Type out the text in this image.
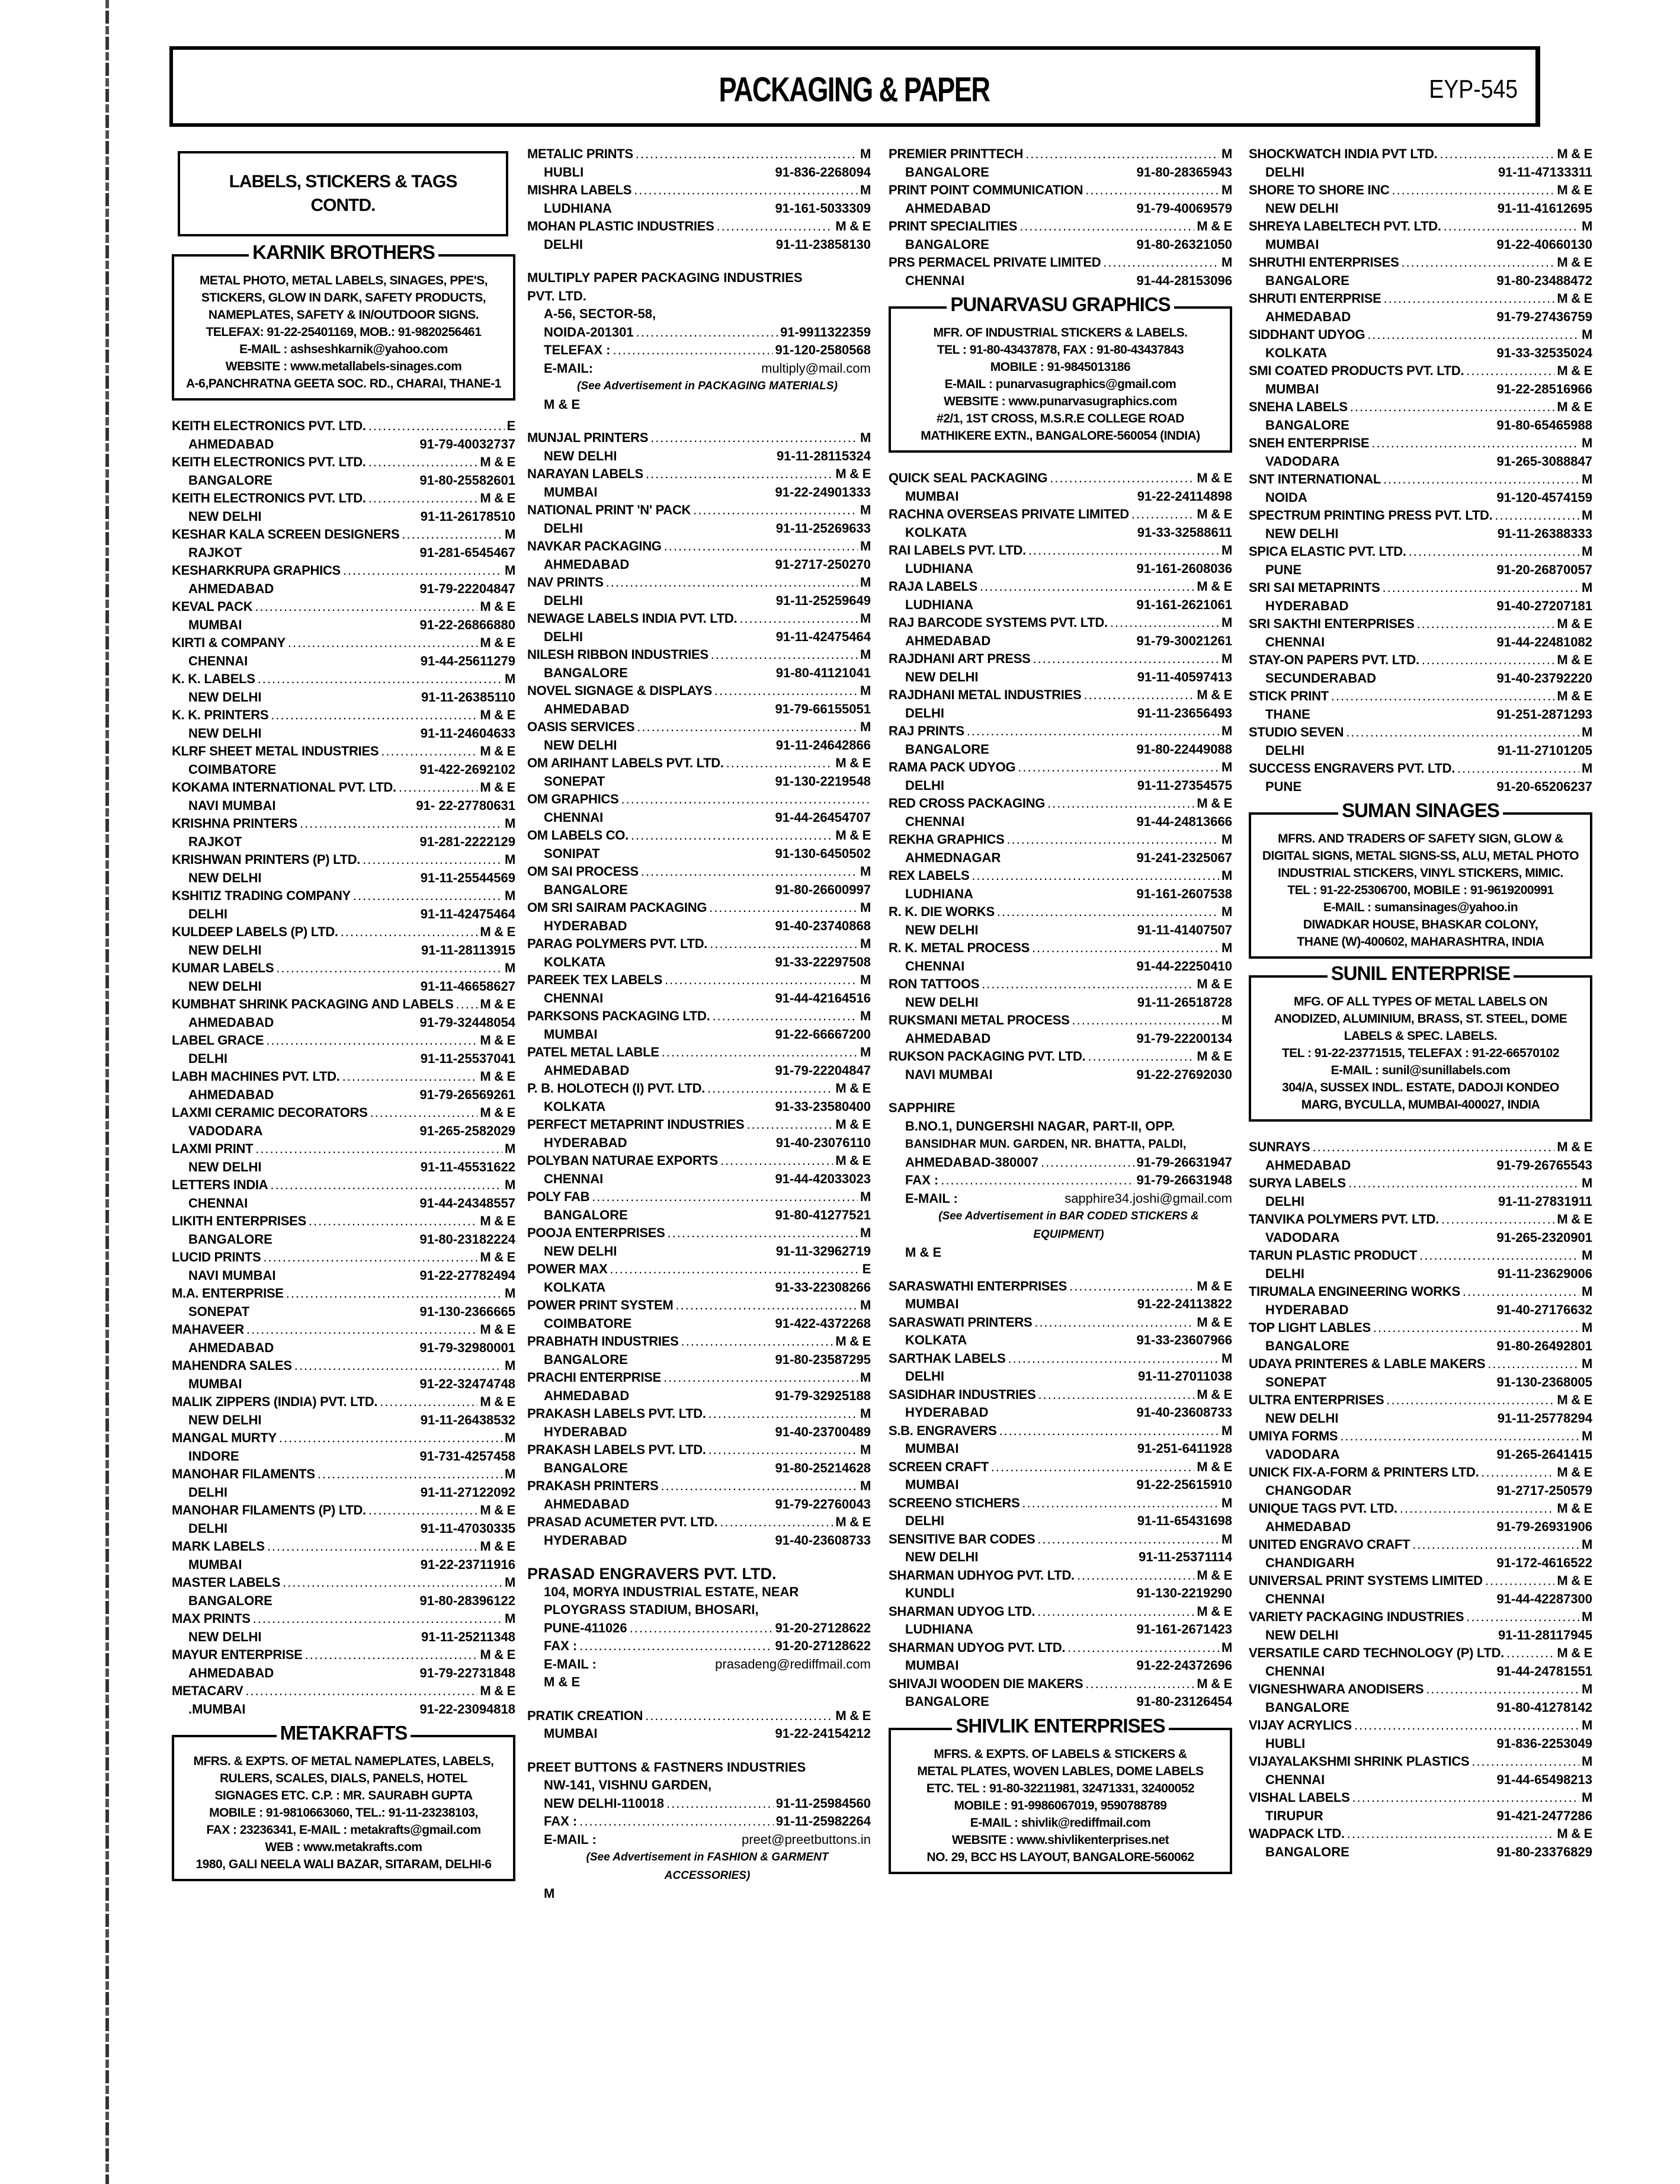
PACKAGING & PAPER	EYP-545
LABELS, STICKERS & TAGS
CONTD.
KARNIK BROTHERS
METAL PHOTO, METAL LABELS, SINAGES, PPE'S,
STICKERS, GLOW IN DARK, SAFETY PRODUCTS,
NAMEPLATES, SAFETY & IN/OUTDOOR SIGNS.
TELEFAX: 91-22-25401169, MOB.: 91-9820256461
E-MAIL : ashseshkarnik@yahoo.com
WEBSITE : www.metallabels-sinages.com
A-6,PANCHRATNA GEETA SOC. RD., CHARAI, THANE-1
KEITH ELECTRONICS PVT. LTD. .....	E
AHMEDABAD	91-79-40032737
KEITH ELECTRONICS PVT. LTD. .....	M & E
BANGALORE	91-80-25582601
KEITH ELECTRONICS PVT. LTD. .....	M & E
NEW DELHI	91-11-26178510
KESHAR KALA SCREEN DESIGNERS .....	M
RAJKOT	91-281-6545467
KESHARKRUPA GRAPHICS .....	M
AHMEDABAD	91-79-22204847
KEVAL PACK .....	M & E
MUMBAI	91-22-26866880
KIRTI & COMPANY .....	M & E
CHENNAI	91-44-25611279
K. K. LABELS .....	M
NEW DELHI	91-11-26385110
K. K. PRINTERS .....	M & E
NEW DELHI	91-11-24604633
KLRF SHEET METAL INDUSTRIES .....	M & E
COIMBATORE	91-422-2692102
KOKAMA INTERNATIONAL PVT. LTD. .....	M & E
NAVI MUMBAI	91- 22-27780631
KRISHNA PRINTERS .....	M
RAJKOT	91-281-2222129
KRISHWAN PRINTERS (P) LTD. .....	M
NEW DELHI	91-11-25544569
KSHITIZ TRADING COMPANY .....	M
DELHI	91-11-42475464
KULDEEP LABELS (P) LTD. .....	M & E
NEW DELHI	91-11-28113915
KUMAR LABELS .....	M
NEW DELHI	91-11-46658627
KUMBHAT SHRINK PACKAGING AND LABELS ..... M & E
AHMEDABAD	91-79-32448054
LABEL GRACE .....	M & E
DELHI	91-11-25537041
LABH MACHINES PVT. LTD. .....	M & E
AHMEDABAD	91-79-26569261
LAXMI CERAMIC DECORATORS .....	M & E
VADODARA	91-265-2582029
LAXMI PRINT .....	M
NEW DELHI	91-11-45531622
LETTERS INDIA .....	M
CHENNAI	91-44-24348557
LIKITH ENTERPRISES .....	M & E
BANGALORE	91-80-23182224
LUCID PRINTS .....	M & E
NAVI MUMBAI	91-22-27782494
M.A. ENTERPRISE .....	M
SONEPAT	91-130-2366665
MAHAVEER .....	M & E
AHMEDABAD	91-79-32980001
MAHENDRA SALES .....	M
MUMBAI	91-22-32474748
MALIK ZIPPERS (INDIA) PVT. LTD. .....	M & E
NEW DELHI	91-11-26438532
MANGAL MURTY .....	M
INDORE	91-731-4257458
MANOHAR FILAMENTS .....	M
DELHI	91-11-27122092
MANOHAR FILAMENTS (P) LTD. .....	M & E
DELHI	91-11-47030335
MARK LABELS .....	M & E
MUMBAI	91-22-23711916
MASTER LABELS .....	M
BANGALORE	91-80-28396122
MAX PRINTS .....	M
NEW DELHI	91-11-25211348
MAYUR ENTERPRISE .....	M & E
AHMEDABAD	91-79-22731848
METACARV .....	M & E
.MUMBAI	91-22-23094818
METAKRAFTS
MFRS. & EXPTS. OF METAL NAMEPLATES, LABELS,
RULERS, SCALES, DIALS, PANELS, HOTEL
SIGNAGES ETC. C.P. : MR. SAURABH GUPTA
MOBILE : 91-9810663060, TEL.: 91-11-23238103,
FAX : 23236341, E-MAIL : metakrafts@gmail.com
WEB : www.metakrafts.com
1980, GALI NEELA WALI BAZAR, SITARAM, DELHI-6
METALIC PRINTS .....	M
HUBLI	91-836-2268094
MISHRA LABELS .....	M
LUDHIANA	91-161-5033309
MOHAN PLASTIC INDUSTRIES .....	M & E
DELHI	91-11-23858130
MULTIPLY PAPER PACKAGING INDUSTRIES
PVT. LTD.
A-56, SECTOR-58,
NOIDA-201301 .....	91-9911322359
TELEFAX : .....	91-120-2580568
E-MAIL:	multiply@mail.com
(See Advertisement in PACKAGING MATERIALS)
M & E
MUNJAL PRINTERS .....	M
NEW DELHI	91-11-28115324
NARAYAN LABELS .....	M & E
MUMBAI	91-22-24901333
NATIONAL PRINT 'N' PACK .....	M
DELHI	91-11-25269633
NAVKAR PACKAGING .....	M
AHMEDABAD	91-2717-250270
NAV PRINTS .....	M
DELHI	91-11-25259649
NEWAGE LABELS INDIA PVT. LTD. .....	M
DELHI	91-11-42475464
NILESH RIBBON INDUSTRIES .....	M
BANGALORE	91-80-41121041
NOVEL SIGNAGE & DISPLAYS .....	M
AHMEDABAD	91-79-66155051
OASIS SERVICES .....	M
NEW DELHI	91-11-24642866
OM ARIHANT LABELS PVT. LTD. .....	M & E
SONEPAT	91-130-2219548
OM GRAPHICS
.....
CHENNAI	91-44-26454707
OM LABELS CO. .....	M & E
SONIPAT	91-130-6450502
OM SAI PROCESS .....	M
BANGALORE	91-80-26600997
OM SRI SAIRAM PACKAGING .....	M
HYDERABAD	91-40-23740868
PARAG POLYMERS PVT. LTD. .....	M
KOLKATA	91-33-22297508
PAREEK TEX LABELS .....	M
CHENNAI	91-44-42164516
PARKSONS PACKAGING LTD. .....	M
MUMBAI	91-22-66667200
PATEL METAL LABLE .....	M
AHMEDABAD	91-79-22204847
P. B. HOLOTECH (I) PVT. LTD. .....	M & E
KOLKATA	91-33-23580400
PERFECT METAPRINT INDUSTRIES .....	M & E
HYDERABAD	91-40-23076110
POLYBAN NATURAE EXPORTS .....	M & E
CHENNAI	91-44-42033023
POLY FAB .....	M
BANGALORE	91-80-41277521
POOJA ENTERPRISES .....	M
NEW DELHI	91-11-32962719
POWER MAX .....	E
KOLKATA	91-33-22308266
POWER PRINT SYSTEM .....	M
COIMBATORE	91-422-4372268
PRABHATH INDUSTRIES .....	M & E
BANGALORE	91-80-23587295
PRACHI ENTERPRISE .....	M
AHMEDABAD	91-79-32925188
PRAKASH LABELS PVT. LTD. .....	M
HYDERABAD	91-40-23700489
PRAKASH LABELS PVT. LTD. .....	M
BANGALORE	91-80-25214628
PRAKASH PRINTERS .....	M
AHMEDABAD	91-79-22760043
PRASAD ACUMETER PVT. LTD. .....	M & E
HYDERABAD	91-40-23608733
PRASAD ENGRAVERS PVT. LTD.
104, MORYA INDUSTRIAL ESTATE, NEAR
PLOYGRASS STADIUM, BHOSARI,
PUNE-411026 .....	91-20-27128622
FAX : .....	91-20-27128622
E-MAIL :	prasadeng@rediffmail.com
M & E
PRATIK CREATION .....	M & E
MUMBAI	91-22-24154212
PREET BUTTONS & FASTNERS INDUSTRIES
NW-141, VISHNU GARDEN,
NEW DELHI-110018 .....	91-11-25984560
FAX : .....	91-11-25982264
E-MAIL :	preet@preetbuttons.in
(See Advertisement in FASHION & GARMENT
ACCESSORIES)
M
PREMIER PRINTTECH .....	M
BANGALORE	91-80-28365943
PRINT POINT COMMUNICATION .....	M
AHMEDABAD	91-79-40069579
PRINT SPECIALITIES .....	M & E
BANGALORE	91-80-26321050
PRS PERMACEL PRIVATE LIMITED .....	M
CHENNAI	91-44-28153096
PUNARVASU GRAPHICS
MFR. OF INDUSTRIAL STICKERS & LABELS.
TEL : 91-80-43437878, FAX : 91-80-43437843
MOBILE : 91-9845013186
E-MAIL : punarvasugraphics@gmail.com
WEBSITE : www.punarvasugraphics.com
#2/1, 1ST CROSS, M.S.R.E COLLEGE ROAD
MATHIKERE EXTN., BANGALORE-560054 (INDIA)
QUICK SEAL PACKAGING .....	M & E
MUMBAI	91-22-24114898
RACHNA OVERSEAS PRIVATE LIMITED .....	M & E
KOLKATA	91-33-32588611
RAI LABELS PVT. LTD. .....	M
LUDHIANA	91-161-2608036
RAJA LABELS .....	M & E
LUDHIANA	91-161-2621061
RAJ BARCODE SYSTEMS PVT. LTD. .....	M
AHMEDABAD	91-79-30021261
RAJDHANI ART PRESS .....	M
NEW DELHI	91-11-40597413
RAJDHANI METAL INDUSTRIES .....	M & E
DELHI	91-11-23656493
RAJ PRINTS .....	M
BANGALORE	91-80-22449088
RAMA PACK UDYOG .....	M
DELHI	91-11-27354575
RED CROSS PACKAGING .....	M & E
CHENNAI	91-44-24813666
REKHA GRAPHICS .....	M
AHMEDNAGAR	91-241-2325067
REX LABELS .....	M
LUDHIANA	91-161-2607538
R. K. DIE WORKS .....	M
NEW DELHI	91-11-41407507
R. K. METAL PROCESS .....	M
CHENNAI	91-44-22250410
RON TATTOOS .....	M & E
NEW DELHI	91-11-26518728
RUKSMANI METAL PROCESS .....	M
AHMEDABAD	91-79-22200134
RUKSON PACKAGING PVT. LTD. .....	M & E
NAVI MUMBAI	91-22-27692030
SAPPHIRE
B.NO.1, DUNGERSHI NAGAR, PART-II, OPP.
BANSIDHAR MUN. GARDEN, NR. BHATTA, PALDI,
AHMEDABAD-380007 .....	91-79-26631947
FAX : .....	91-79-26631948
E-MAIL :	sapphire34.joshi@gmail.com
(See Advertisement in BAR CODED STICKERS &
EQUIPMENT)
M & E
SARASWATHI ENTERPRISES .....	M & E
MUMBAI	91-22-24113822
SARASWATI PRINTERS .....	M & E
KOLKATA	91-33-23607966
SARTHAK LABELS .....	M
DELHI	91-11-27011038
SASIDHAR INDUSTRIES .....	M & E
HYDERABAD	91-40-23608733
S.B. ENGRAVERS .....	M
MUMBAI	91-251-6411928
SCREEN CRAFT .....	M & E
MUMBAI	91-22-25615910
SCREENO STICHERS .....	M
DELHI	91-11-65431698
SENSITIVE BAR CODES .....	M
NEW DELHI	91-11-25371114
SHARMAN UDHYOG PVT. LTD. .....	M & E
KUNDLI	91-130-2219290
SHARMAN UDYOG LTD. .....	M & E
LUDHIANA	91-161-2671423
SHARMAN UDYOG PVT. LTD. .....	M
MUMBAI	91-22-24372696
SHIVAJI WOODEN DIE MAKERS .....	M & E
BANGALORE	91-80-23126454
SHIVLIK ENTERPRISES
MFRS. & EXPTS. OF LABELS & STICKERS &
METAL PLATES, WOVEN LABLES, DOME LABELS
ETC. TEL : 91-80-32211981, 32471331, 32400052
MOBILE : 91-9986067019, 9590788789
E-MAIL : shivlik@rediffmail.com
WEBSITE : www.shivlikenterprises.net
NO. 29, BCC HS LAYOUT, BANGALORE-560062
SHOCKWATCH INDIA PVT LTD. .....	M & E
DELHI	91-11-47133311
SHORE TO SHORE INC .....	M & E
NEW DELHI	91-11-41612695
SHREYA LABELTECH PVT. LTD. .....	M
MUMBAI	91-22-40660130
SHRUTHI ENTERPRISES .....	M & E
BANGALORE	91-80-23488472
SHRUTI ENTERPRISE .....	M & E
AHMEDABAD	91-79-27436759
SIDDHANT UDYOG .....	M
KOLKATA	91-33-32535024
SMI COATED PRODUCTS PVT. LTD. .....	M & E
MUMBAI	91-22-28516966
SNEHA LABELS .....	M & E
BANGALORE	91-80-65465988
SNEH ENTERPRISE .....	M
VADODARA	91-265-3088847
SNT INTERNATIONAL .....	M
NOIDA	91-120-4574159
SPECTRUM PRINTING PRESS PVT. LTD. .....	M
NEW DELHI	91-11-26388333
SPICA ELASTIC PVT. LTD. .....	M
PUNE	91-20-26870057
SRI SAI METAPRINTS .....	M
HYDERABAD	91-40-27207181
SRI SAKTHI ENTERPRISES .....	M & E
CHENNAI	91-44-22481082
STAY-ON PAPERS PVT. LTD. .....	M & E
SECUNDERABAD	91-40-23792220
STICK PRINT .....	M & E
THANE	91-251-2871293
STUDIO SEVEN .....	M
DELHI	91-11-27101205
SUCCESS ENGRAVERS PVT. LTD. .....	M
PUNE	91-20-65206237
SUMAN SINAGES
MFRS. AND TRADERS OF SAFETY SIGN, GLOW &
DIGITAL SIGNS, METAL SIGNS-SS, ALU, METAL PHOTO
INDUSTRIAL STICKERS, VINYL STICKERS, MIMIC.
TEL : 91-22-25306700, MOBILE : 91-9619200991
E-MAIL : sumansinages@yahoo.in
DIWADKAR HOUSE, BHASKAR COLONY,
THANE (W)-400602, MAHARASHTRA, INDIA
SUNIL ENTERPRISE
MFG. OF ALL TYPES OF METAL LABELS ON
ANODIZED, ALUMINIUM, BRASS, ST. STEEL, DOME
LABELS & SPEC. LABELS.
TEL : 91-22-23771515, TELEFAX : 91-22-66570102
E-MAIL : sunil@sunillabels.com
304/A, SUSSEX INDL. ESTATE, DADOJI KONDEO
MARG, BYCULLA, MUMBAI-400027, INDIA
SUNRAYS .....	M & E
AHMEDABAD	91-79-26765543
SURYA LABELS .....	M
DELHI	91-11-27831911
TANVIKA POLYMERS PVT. LTD. .....	M & E
VADODARA	91-265-2320901
TARUN PLASTIC PRODUCT .....	M
DELHI	91-11-23629006
TIRUMALA ENGINEERING WORKS .....	M
HYDERABAD	91-40-27176632
TOP LIGHT LABLES .....	M
BANGALORE	91-80-26492801
UDAYA PRINTERES & LABLE MAKERS .....	M
SONEPAT	91-130-2368005
ULTRA ENTERPRISES .....	M & E
NEW DELHI	91-11-25778294
UMIYA FORMS .....	M
VADODARA	91-265-2641415
UNICK FIX-A-FORM & PRINTERS LTD. .....	M & E
CHANGODAR	91-2717-250579
UNIQUE TAGS PVT. LTD. .....	M & E
AHMEDABAD	91-79-26931906
UNITED ENGRAVO CRAFT .....	M
CHANDIGARH	91-172-4616522
UNIVERSAL PRINT SYSTEMS LIMITED .....	M & E
CHENNAI	91-44-42287300
VARIETY PACKAGING INDUSTRIES .....	M
NEW DELHI	91-11-28117945
VERSATILE CARD TECHNOLOGY (P) LTD. .....	M & E
CHENNAI	91-44-24781551
VIGNESHWARA ANODISERS .....	M
BANGALORE	91-80-41278142
VIJAY ACRYLICS .....	M
HUBLI	91-836-2253049
VIJAYALAKSHMI SHRINK PLASTICS .....	M
CHENNAI	91-44-65498213
VISHAL LABELS .....	M
TIRUPUR	91-421-2477286
WADPACK LTD. .....	M & E
BANGALORE	91-80-23376829
